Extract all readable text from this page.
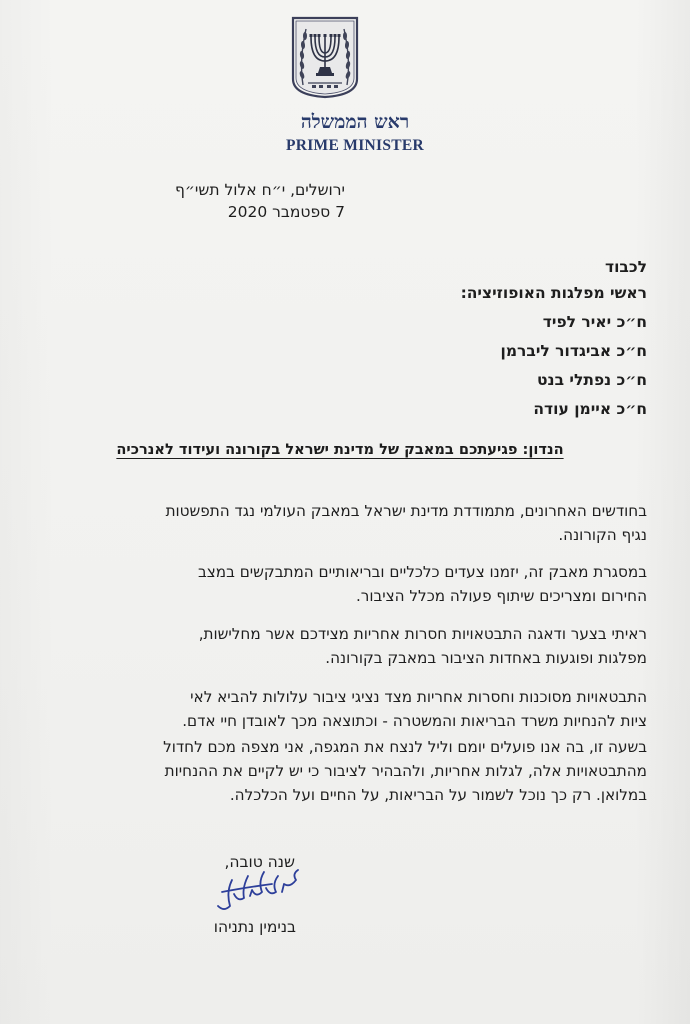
ראש הממשלה
PRIME MINISTER
ירושלים, י״ח אלול תשי״ף
7 ספטמבר 2020
לכבוד
ראשי מפלגות האופוזיציה:
ח״כ יאיר לפיד
ח״כ אביגדור ליברמן
ח״כ נפתלי בנט
ח״כ איימן עודה
הנדון: פגיעתכם במאבק של מדינת ישראל בקורונה ועידוד לאנרכיה
בחודשים האחרונים, מתמודדת מדינת ישראל במאבק העולמי נגד התפשטות
נגיף הקורונה.
במסגרת מאבק זה, יזמנו צעדים כלכליים ובריאותיים המתבקשים במצב
החירום ומצריכים שיתוף פעולה מכלל הציבור.
ראיתי בצער ודאגה התבטאויות חסרות אחריות מצידכם אשר מחלישות,
מפלגות ופוגעות באחדות הציבור במאבק בקורונה.
התבטאויות מסוכנות וחסרות אחריות מצד נציגי ציבור עלולות להביא לאי
ציות להנחיות משרד הבריאות והמשטרה - וכתוצאה מכך לאובדן חיי אדם.
בשעה זו, בה אנו פועלים יומם וליל לנצח את המגפה, אני מצפה מכם לחדול
מהתבטאויות אלה, לגלות אחריות, ולהבהיר לציבור כי יש לקיים את ההנחיות
במלואן. רק כך נוכל לשמור על הבריאות, על החיים ועל הכלכלה.
שנה טובה,
בנימין נתניהו
